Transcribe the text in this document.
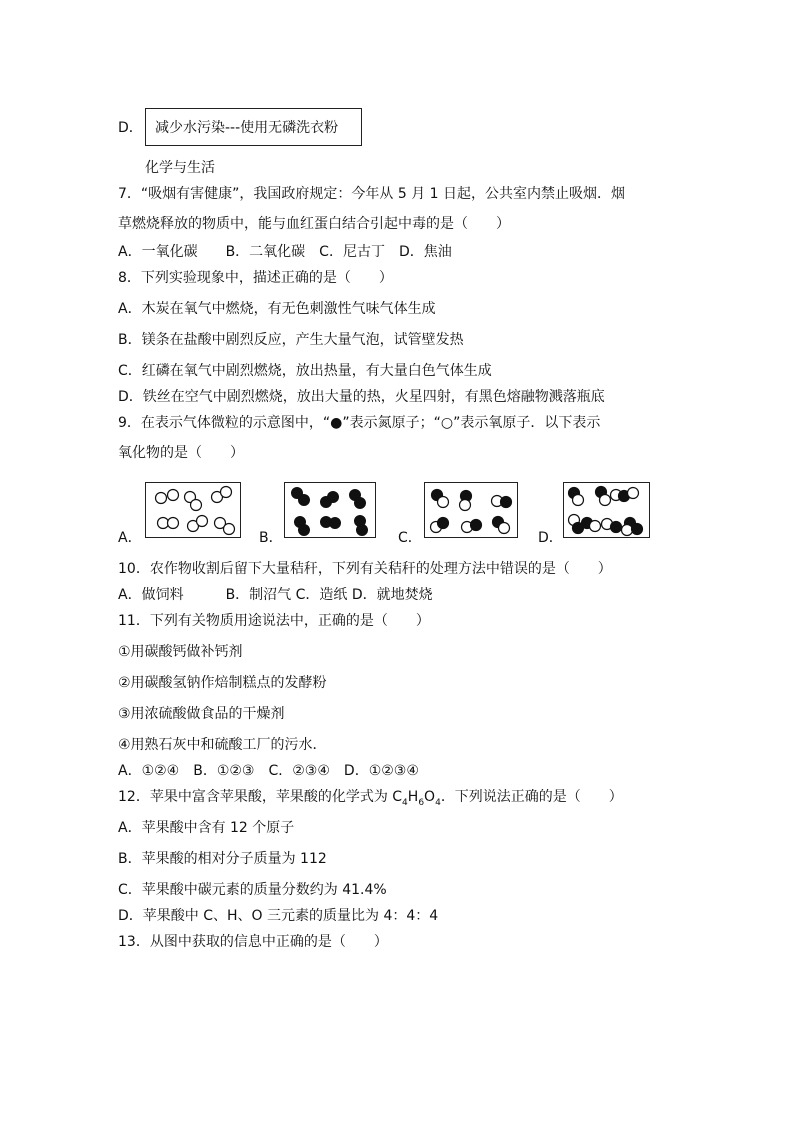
D． 减少水污染---使用无磷洗衣粉
化学与生活
7．“吸烟有害健康”，我国政府规定：今年从 5 月 1 日起，公共室内禁止吸烟．烟
草燃烧释放的物质中，能与血红蛋白结合引起中毒的是（　　）
A．一氧化碳　　B．二氧化碳　C．尼古丁　D．焦油
8．下列实验现象中，描述正确的是（　　）
A．木炭在氧气中燃烧，有无色刺激性气味气体生成
B．镁条在盐酸中剧烈反应，产生大量气泡，试管壁发热
C．红磷在氧气中剧烈燃烧，放出热量，有大量白色气体生成
D．铁丝在空气中剧烈燃烧，放出大量的热，火星四射，有黑色熔融物溅落瓶底
9．在表示气体微粒的示意图中，“●”表示氮原子；“○”表示氧原子．以下表示
氧化物的是（　　）
A．	B．	C．	D．
10．农作物收割后留下大量秸秆，下列有关秸秆的处理方法中错误的是（　　）
A．做饲料　　　B．制沼气 C．造纸 D．就地焚烧
11．下列有关物质用途说法中，正确的是（　　）
①用碳酸钙做补钙剂
②用碳酸氢钠作焙制糕点的发酵粉
③用浓硫酸做食品的干燥剂
④用熟石灰中和硫酸工厂的污水．
A．①②④　B．①②③　C．②③④　D．①②③④
12．苹果中富含苹果酸，苹果酸的化学式为 $C_4H_6O_4$．下列说法正确的是（　　）
A．苹果酸中含有 12 个原子
B．苹果酸的相对分子质量为 112
C．苹果酸中碳元素的质量分数约为 41.4%
D．苹果酸中 C、H、O 三元素的质量比为 4：4：4
13．从图中获取的信息中正确的是（　　）
